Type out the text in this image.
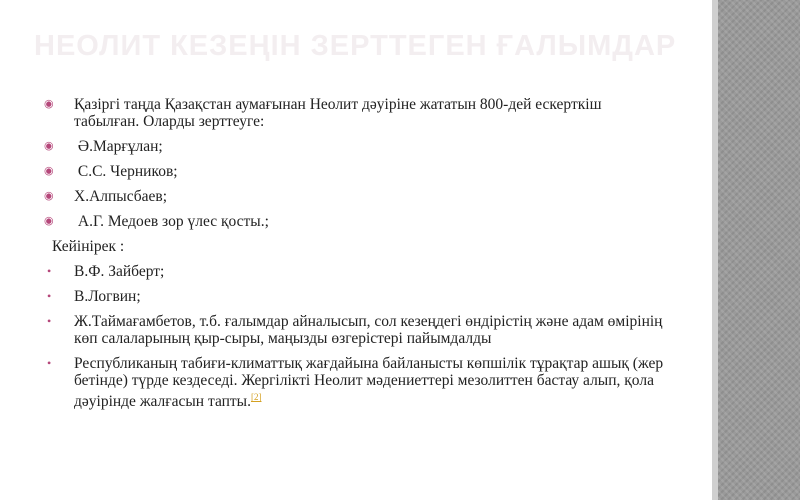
НЕОЛИТ КЕЗЕҢІН ЗЕРТТЕГЕН ҒАЛЫМДАР
◉ Қазіргі таңда Қазақстан аумағынан Неолит дәуіріне жататын 800-дей ескерткіш табылған. Оларды зерттеуге:
◉ Ә.Марғұлан;
◉ С.С. Черников;
◉ Х.Алпысбаев;
◉ А.Г. Медоев зор үлес қосты.;
Кейінірек :
• В.Ф. Зайберт;
• В.Логвин;
• Ж.Таймағамбетов, т.б. ғалымдар айналысып, сол кезеңдегі өндірістің және адам өмірінің көп салаларының қыр-сыры, маңызды өзгерістері пайымдалды
• Республиканың табиғи-климаттық жағдайына байланысты көпшілік тұрақтар ашық (жер бетінде) түрде кездеседі. Жергілікті Неолит мәдениеттері мезолиттен бастау алып, қола дәуірінде жалғасын тапты.[2]
